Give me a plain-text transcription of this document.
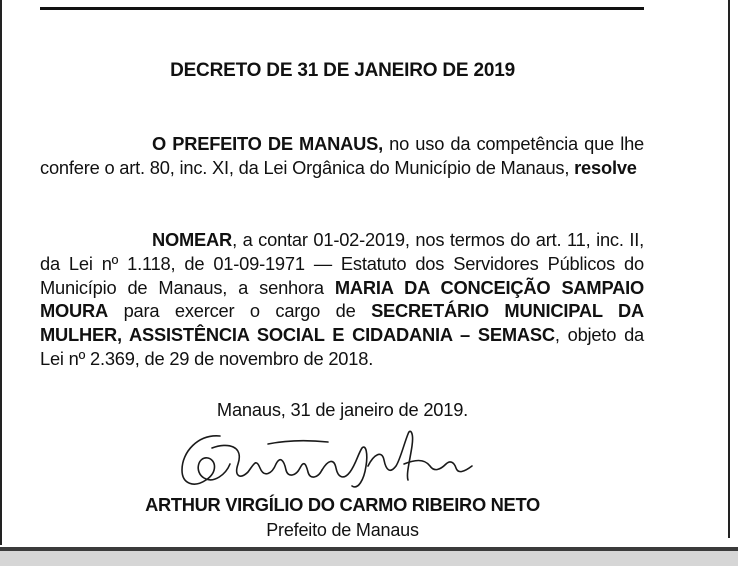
DECRETO DE 31 DE JANEIRO DE 2019

O PREFEITO DE MANAUS, no uso da competência que lhe confere o art. 80, inc. XI, da Lei Orgânica do Município de Manaus, resolve

NOMEAR, a contar 01-02-2019, nos termos do art. 11, inc. II, da Lei nº 1.118, de 01-09-1971 — Estatuto dos Servidores Públicos do Município de Manaus, a senhora MARIA DA CONCEIÇÃO SAMPAIO MOURA para exercer o cargo de SECRETÁRIO MUNICIPAL DA MULHER, ASSISTÊNCIA SOCIAL E CIDADANIA – SEMASC, objeto da Lei nº 2.369, de 29 de novembro de 2018.

Manaus, 31 de janeiro de 2019.
ARTHUR VIRGÍLIO DO CARMO RIBEIRO NETO
Prefeito de Manaus
